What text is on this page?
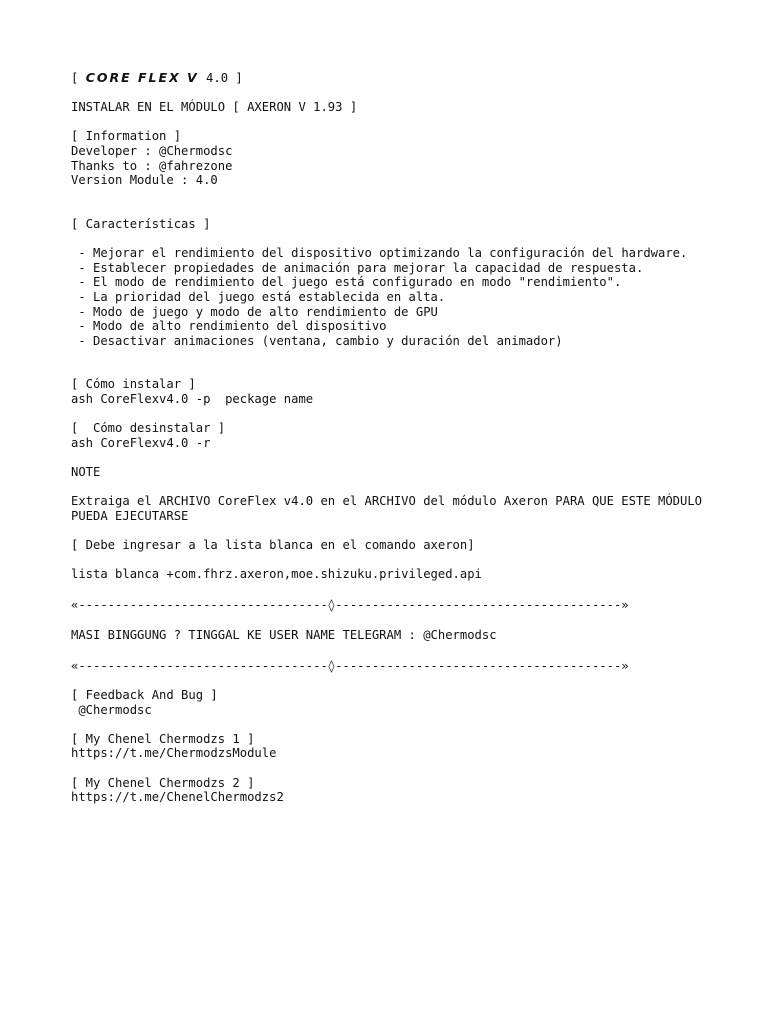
[ CORE FLEX V 4.0 ]
INSTALAR EN EL MÓDULO [ AXERON V 1.93 ]
[ Information ]
Developer : @Chermodsc
Thanks to : @fahrezone
Version Module : 4.0
[ Características ]
- Mejorar el rendimiento del dispositivo optimizando la configuración del hardware.
- Establecer propiedades de animación para mejorar la capacidad de respuesta.
- El modo de rendimiento del juego está configurado en modo "rendimiento".
- La prioridad del juego está establecida en alta.
- Modo de juego y modo de alto rendimiento de GPU
- Modo de alto rendimiento del dispositivo
- Desactivar animaciones (ventana, cambio y duración del animador)
[ Cómo instalar ]
ash CoreFlexv4.0 -p  peckage name
[  Cómo desinstalar ]
ash CoreFlexv4.0 -r
NOTE
Extraiga el ARCHIVO CoreFlex v4.0 en el ARCHIVO del módulo Axeron PARA QUE ESTE MÓDULO PUEDA EJECUTARSE
[ Debe ingresar a la lista blanca en el comando axeron]
lista blanca +com.fhrz.axeron,moe.shizuku.privileged.api
«----------------------------------◊---------------------------------------»
MASI BINGGUNG ? TINGGAL KE USER NAME TELEGRAM : @Chermodsc
«----------------------------------◊---------------------------------------»
[ Feedback And Bug ]
@Chermodsc
[ My Chenel Chermodzs 1 ]
https://t.me/ChermodzsModule
[ My Chenel Chermodzs 2 ]
https://t.me/ChenelChermodzs2
